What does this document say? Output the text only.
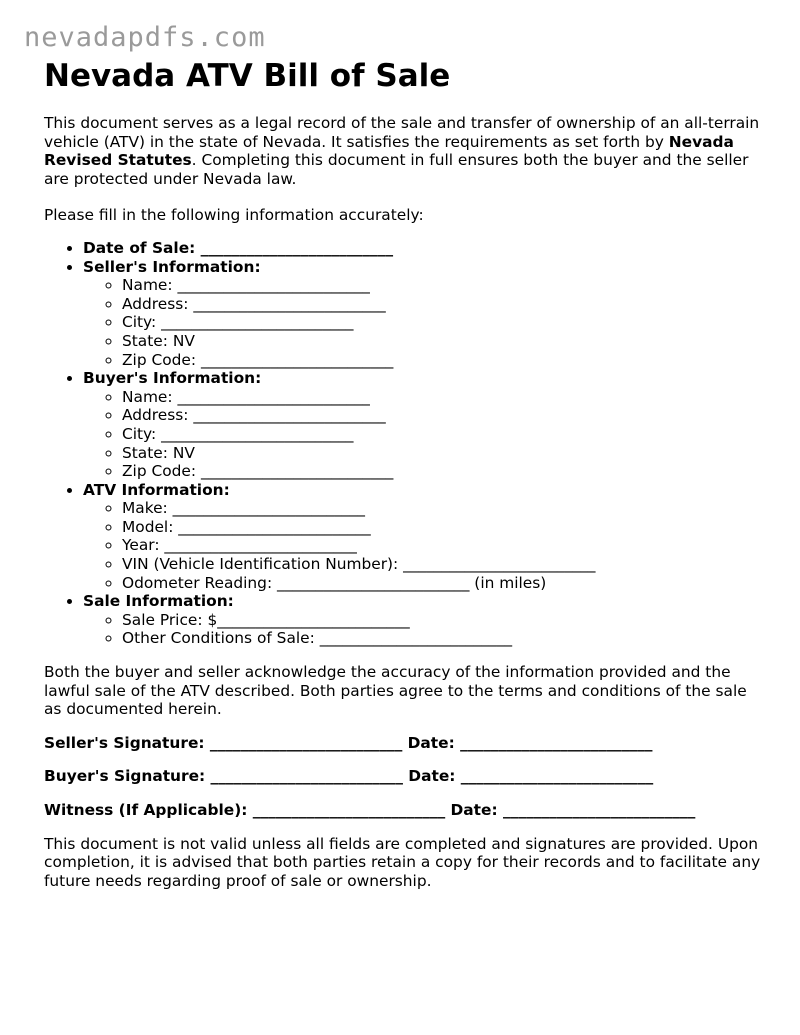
nevadapdfs.com
Nevada ATV Bill of Sale

This document serves as a legal record of the sale and transfer of ownership of an all-terrain vehicle (ATV) in the state of Nevada. It satisfies the requirements as set forth by Nevada Revised Statutes. Completing this document in full ensures both the buyer and the seller are protected under Nevada law.

Please fill in the following information accurately:

• Date of Sale: _________________________
• Seller's Information:
◦ Name: _________________________
◦ Address: _________________________
◦ City: _________________________
◦ State: NV
◦ Zip Code: _________________________
• Buyer's Information:
◦ Name: _________________________
◦ Address: _________________________
◦ City: _________________________
◦ State: NV
◦ Zip Code: _________________________
• ATV Information:
◦ Make: _________________________
◦ Model: _________________________
◦ Year: _________________________
◦ VIN (Vehicle Identification Number): _________________________
◦ Odometer Reading: _________________________ (in miles)
• Sale Information:
◦ Sale Price: $_________________________
◦ Other Conditions of Sale: _________________________

Both the buyer and seller acknowledge the accuracy of the information provided and the lawful sale of the ATV described. Both parties agree to the terms and conditions of the sale as documented herein.

Seller's Signature: _________________________ Date: _________________________

Buyer's Signature: _________________________ Date: _________________________

Witness (If Applicable): _________________________ Date: _________________________

This document is not valid unless all fields are completed and signatures are provided. Upon completion, it is advised that both parties retain a copy for their records and to facilitate any future needs regarding proof of sale or ownership.
